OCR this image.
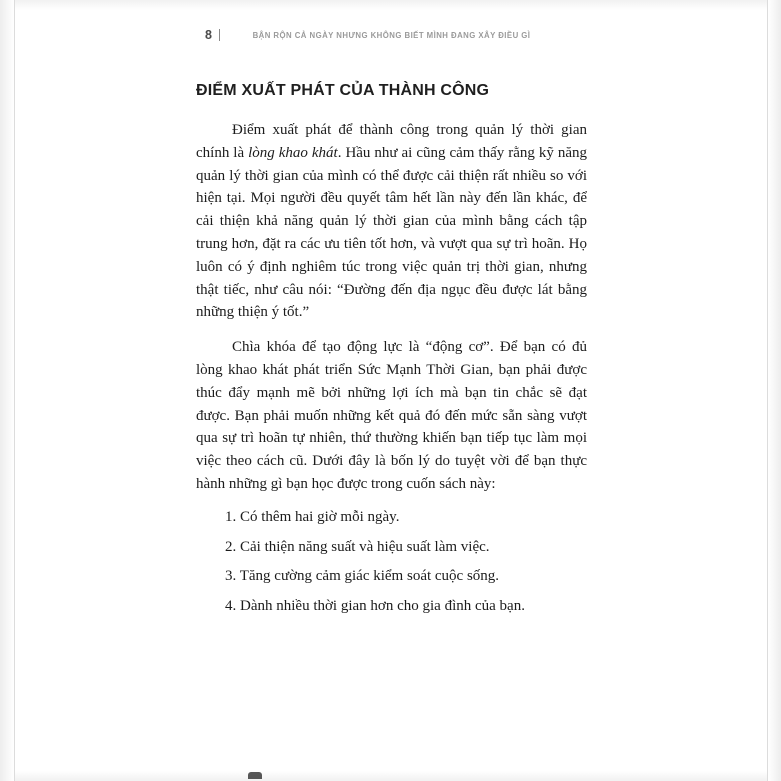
8	BẬN RỘN CẢ NGÀY NHƯNG KHÔNG BIẾT MÌNH ĐANG XÂY ĐIỀU GÌ
ĐIỂM XUẤT PHÁT CỦA THÀNH CÔNG

Điểm xuất phát để thành công trong quản lý thời gian chính là lòng khao khát. Hầu như ai cũng cảm thấy rằng kỹ năng quản lý thời gian của mình có thể được cải thiện rất nhiều so với hiện tại. Mọi người đều quyết tâm hết lần này đến lần khác, để cải thiện khả năng quản lý thời gian của mình bằng cách tập trung hơn, đặt ra các ưu tiên tốt hơn, và vượt qua sự trì hoãn. Họ luôn có ý định nghiêm túc trong việc quản trị thời gian, nhưng thật tiếc, như câu nói: “Đường đến địa ngục đều được lát bằng những thiện ý tốt.”

Chìa khóa để tạo động lực là “động cơ”. Để bạn có đủ lòng khao khát phát triển Sức Mạnh Thời Gian, bạn phải được thúc đẩy mạnh mẽ bởi những lợi ích mà bạn tin chắc sẽ đạt được. Bạn phải muốn những kết quả đó đến mức sẵn sàng vượt qua sự trì hoãn tự nhiên, thứ thường khiến bạn tiếp tục làm mọi việc theo cách cũ. Dưới đây là bốn lý do tuyệt vời để bạn thực hành những gì bạn học được trong cuốn sách này:

1. Có thêm hai giờ mỗi ngày.
2. Cải thiện năng suất và hiệu suất làm việc.
3. Tăng cường cảm giác kiểm soát cuộc sống.
4. Dành nhiều thời gian hơn cho gia đình của bạn.
